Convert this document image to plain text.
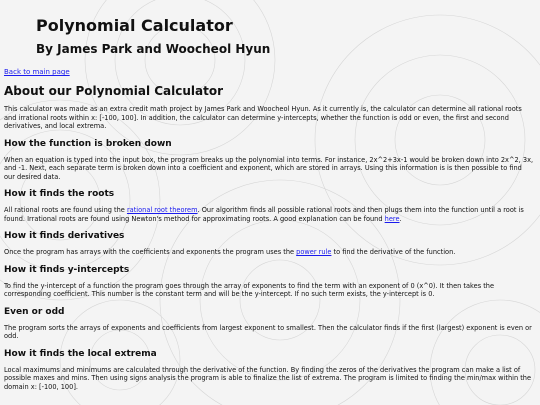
Polynomial Calculator
By James Park and Woocheol Hyun
Back to main page
About our Polynomial Calculator

This calculator was made as an extra credit math project by James Park and Woocheol Hyun. As it currently is, the calculator can determine all rational roots and irrational roots within x: [-100, 100]. In addition, the calculator can determine y-intercepts, whether the function is odd or even, the first and second derivatives, and local extrema.

How the function is broken down

When an equation is typed into the input box, the program breaks up the polynomial into terms. For instance, 2x^2+3x-1 would be broken down into 2x^2, 3x, and -1. Next, each separate term is broken down into a coefficient and exponent, which are stored in arrays. Using this information is is then possible to find our desired data.

How it finds the roots

All rational roots are found using the rational root theorem. Our algorithm finds all possible rational roots and then plugs them into the function until a root is found. Irrational roots are found using Newton's method for approximating roots. A good explanation can be found here.

How it finds derivatives

Once the program has arrays with the coefficients and exponents the program uses the power rule to find the derivative of the function.

How it finds y-intercepts

To find the y-intercept of a function the program goes through the array of exponents to find the term with an exponent of 0 (x^0). It then takes the corresponding coefficient. This number is the constant term and will be the y-intercept. If no such term exists, the y-intercept is 0.

Even or odd

The program sorts the arrays of exponents and coefficients from largest exponent to smallest. Then the calculator finds if the first (largest) exponent is even or odd.

How it finds the local extrema

Local maximums and minimums are calculated through the derivative of the function. By finding the zeros of the derivatives the program can make a list of possible maxes and mins. Then using signs analysis the program is able to finalize the list of extrema. The program is limited to finding the min/max within the domain x: [-100, 100].
